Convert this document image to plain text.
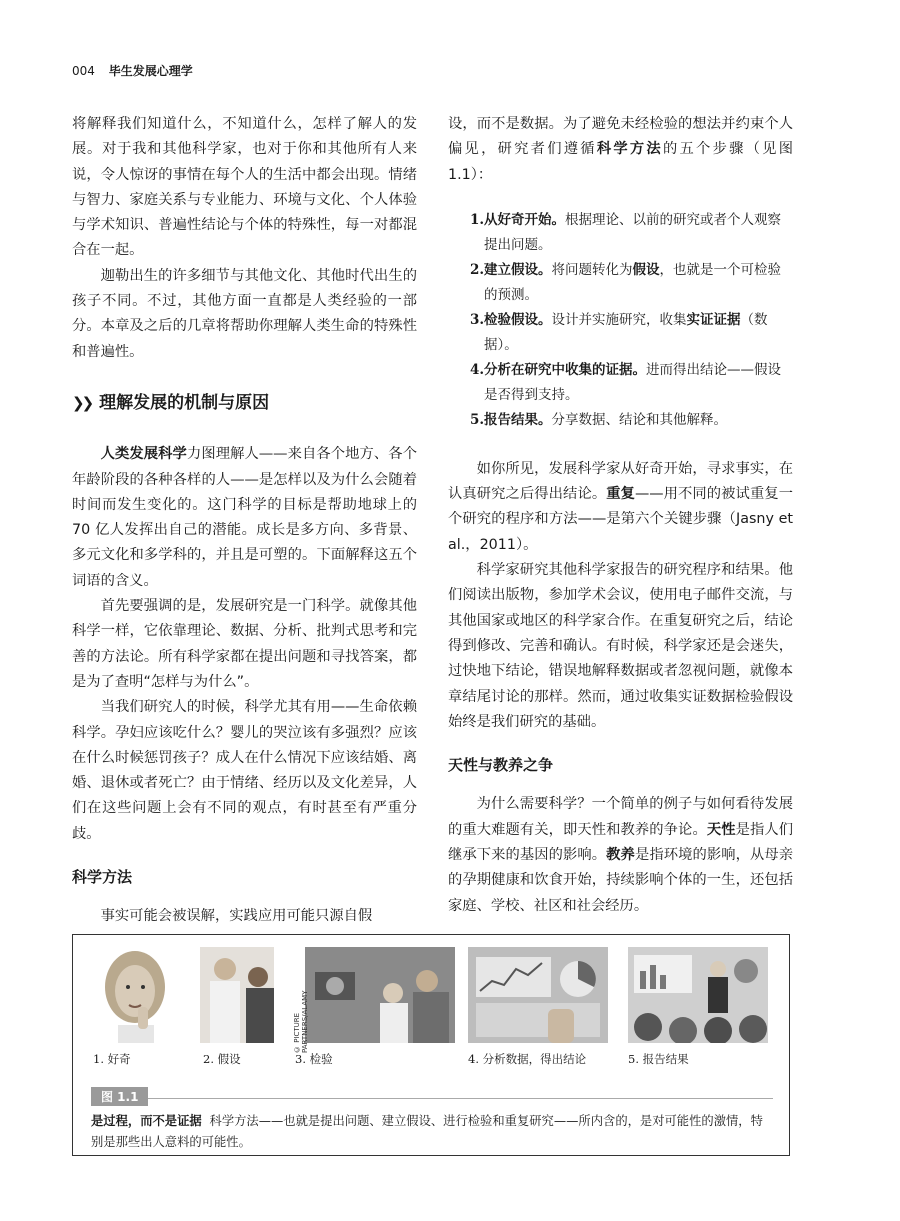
004 毕生发展心理学

将解释我们知道什么，不知道什么，怎样了解人的发展。对于我和其他科学家，也对于你和其他所有人来说，令人惊讶的事情在每个人的生活中都会出现。情绪与智力、家庭关系与专业能力、环境与文化、个人体验与学术知识、普遍性结论与个体的特殊性，每一对都混合在一起。

迦勒出生的许多细节与其他文化、其他时代出生的孩子不同。不过，其他方面一直都是人类经验的一部分。本章及之后的几章将帮助你理解人类生命的特殊性和普遍性。

❯❯ 理解发展的机制与原因

人类发展科学力图理解人——来自各个地方、各个年龄阶段的各种各样的人——是怎样以及为什么会随着时间而发生变化的。这门科学的目标是帮助地球上的 70 亿人发挥出自己的潜能。成长是多方向、多背景、多元文化和多学科的，并且是可塑的。下面解释这五个词语的含义。

首先要强调的是，发展研究是一门科学。就像其他科学一样，它依靠理论、数据、分析、批判式思考和完善的方法论。所有科学家都在提出问题和寻找答案，都是为了查明“怎样与为什么”。

当我们研究人的时候，科学尤其有用——生命依赖科学。孕妇应该吃什么？婴儿的哭泣该有多强烈？应该在什么时候惩罚孩子？成人在什么情况下应该结婚、离婚、退休或者死亡？由于情绪、经历以及文化差异，人们在这些问题上会有不同的观点，有时甚至有严重分歧。

科学方法

事实可能会被误解，实践应用可能只源自假

设，而不是数据。为了避免未经检验的想法并约束个人偏见，研究者们遵循科学方法的五个步骤（见图 1.1）：

1. 从好奇开始。根据理论、以前的研究或者个人观察提出问题。
2. 建立假设。将问题转化为假设，也就是一个可检验的预测。
3. 检验假设。设计并实施研究，收集实证证据（数据）。
4. 分析在研究中收集的证据。进而得出结论——假设是否得到支持。
5. 报告结果。分享数据、结论和其他解释。

如你所见，发展科学家从好奇开始，寻求事实，在认真研究之后得出结论。重复——用不同的被试重复一个研究的程序和方法——是第六个关键步骤（Jasny et al.，2011）。

科学家研究其他科学家报告的研究程序和结果。他们阅读出版物，参加学术会议，使用电子邮件交流，与其他国家或地区的科学家合作。在重复研究之后，结论得到修改、完善和确认。有时候，科学家还是会迷失，过快地下结论，错误地解释数据或者忽视问题，就像本章结尾讨论的那样。然而，通过收集实证数据检验假设始终是我们研究的基础。

天性与教养之争

为什么需要科学？一个简单的例子与如何看待发展的重大难题有关，即天性和教养的争论。天性是指人们继承下来的基因的影响。教养是指环境的影响，从母亲的孕期健康和饮食开始，持续影响个体的一生，还包括家庭、学校、社区和社会经历。

© PICTURE PARTNERS/ALAMY
1. 好奇	2. 假设	3. 检验	4. 分析数据，得出结论	5. 报告结果
图 1.1
是过程，而不是证据 科学方法——也就是提出问题、建立假设、进行检验和重复研究——所内含的，是对可能性的激情，特别是那些出人意料的可能性。
